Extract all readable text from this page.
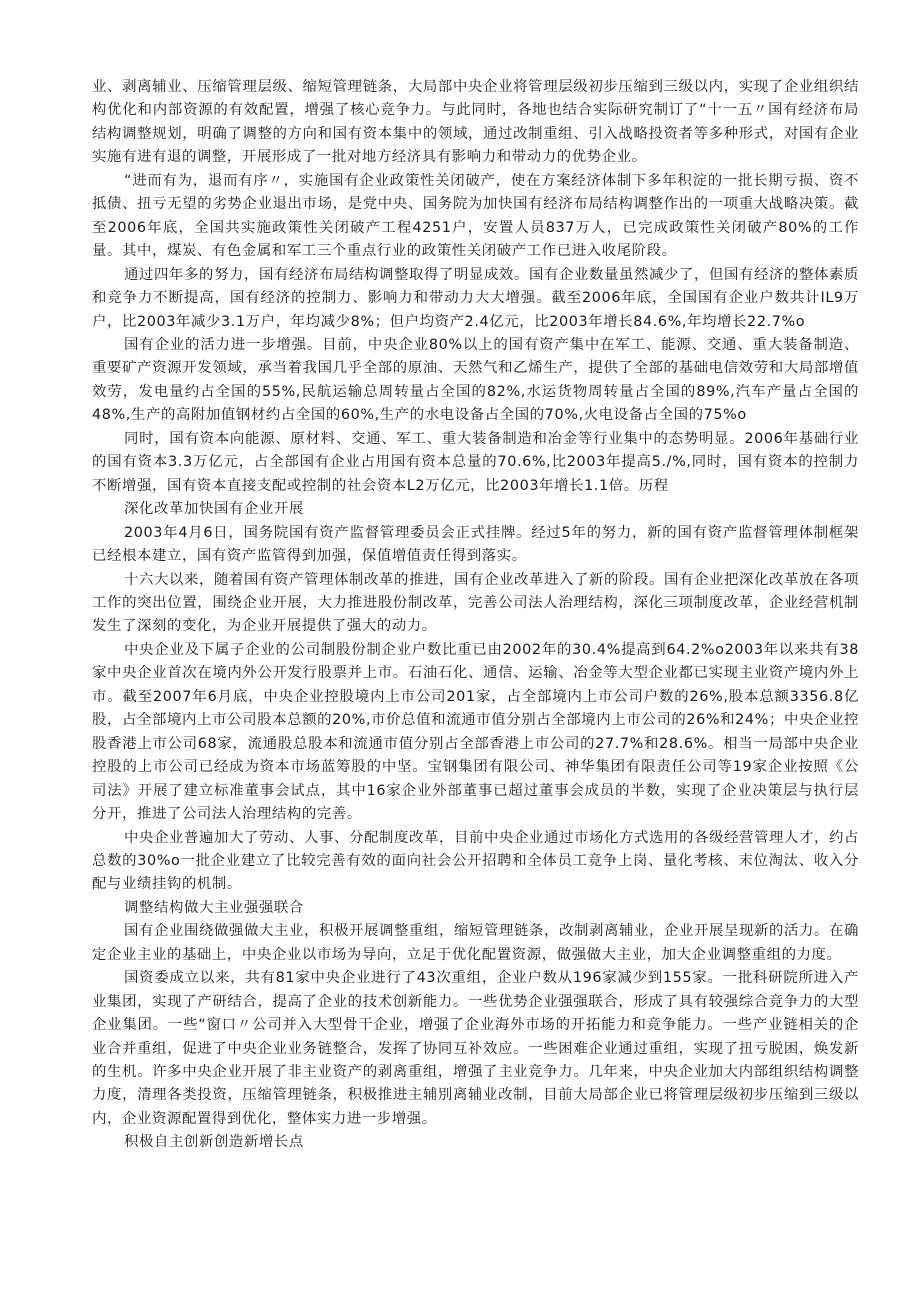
业、剥离辅业、压缩管理层级、缩短管理链条，大局部中央企业将管理层级初步压缩到三级以内，实现了企业组织结构优化和内部资源的有效配置，增强了核心竞争力。与此同时，各地也结合实际研究制订了“十一五〃国有经济布局结构调整规划，明确了调整的方向和国有资本集中的领域，通过改制重组、引入战略投资者等多种形式，对国有企业实施有进有退的调整，开展形成了一批对地方经济具有影响力和带动力的优势企业。

“进而有为，退而有序〃，实施国有企业政策性关闭破产，使在方案经济体制下多年积淀的一批长期亏损、资不抵债、扭亏无望的劣势企业退出市场，是党中央、国务院为加快国有经济布局结构调整作出的一项重大战略决策。截至2006年底，全国共实施政策性关闭破产工程4251户，安置人员837万人，已完成政策性关闭破产80%的工作量。其中，煤炭、有色金属和军工三个重点行业的政策性关闭破产工作已进入收尾阶段。

通过四年多的努力，国有经济布局结构调整取得了明显成效。国有企业数量虽然减少了，但国有经济的整体素质和竞争力不断提高，国有经济的控制力、影响力和带动力大大增强。截至2006年底，全国国有企业户数共计IL9万户，比2003年减少3.1万户，年均减少8%；但户均资产2.4亿元，比2003年增长84.6%,年均增长22.7%o

国有企业的活力进一步增强。目前，中央企业80%以上的国有资产集中在军工、能源、交通、重大装备制造、重要矿产资源开发领域，承当着我国几乎全部的原油、天然气和乙烯生产，提供了全部的基础电信效劳和大局部增值效劳，发电量约占全国的55%,民航运输总周转量占全国的82%,水运货物周转量占全国的89%,汽车产量占全国的48%,生产的高附加值钢材约占全国的60%,生产的水电设备占全国的70%,火电设备占全国的75%o

同时，国有资本向能源、原材料、交通、军工、重大装备制造和冶金等行业集中的态势明显。2006年基础行业的国有资本3.3万亿元，占全部国有企业占用国有资本总量的70.6%,比2003年提高5./%,同时，国有资本的控制力不断增强，国有资本直接支配或控制的社会资本L2万亿元，比2003年增长1.1倍。历程

深化改革加快国有企业开展

2003年4月6日，国务院国有资产监督管理委员会正式挂牌。经过5年的努力，新的国有资产监督管理体制框架已经根本建立，国有资产监管得到加强，保值增值责任得到落实。

十六大以来，随着国有资产管理体制改革的推进，国有企业改革进入了新的阶段。国有企业把深化改革放在各项工作的突出位置，围绕企业开展，大力推进股份制改革，完善公司法人治理结构，深化三项制度改革，企业经营机制发生了深刻的变化，为企业开展提供了强大的动力。

中央企业及下属子企业的公司制股份制企业户数比重已由2002年的30.4%提高到64.2%o2003年以来共有38家中央企业首次在境内外公开发行股票并上市。石油石化、通信、运输、冶金等大型企业都已实现主业资产境内外上市。截至2007年6月底，中央企业控股境内上市公司201家，占全部境内上市公司户数的26%,股本总额3356.8亿股，占全部境内上市公司股本总额的20%,市价总值和流通市值分别占全部境内上市公司的26%和24%；中央企业控股香港上市公司68家，流通股总股本和流通市值分别占全部香港上市公司的27.7%和28.6%。相当一局部中央企业控股的上市公司已经成为资本市场蓝筹股的中坚。宝钢集团有限公司、神华集团有限责任公司等19家企业按照《公司法》开展了建立标准董事会试点，其中16家企业外部董事已超过董事会成员的半数，实现了企业决策层与执行层分开，推进了公司法人治理结构的完善。

中央企业普遍加大了劳动、人事、分配制度改革，目前中央企业通过市场化方式选用的各级经营管理人才，约占总数的30%o一批企业建立了比较完善有效的面向社会公开招聘和全体员工竞争上岗、量化考核、末位淘汰、收入分配与业绩挂钩的机制。

调整结构做大主业强强联合

国有企业围绕做强做大主业，积极开展调整重组，缩短管理链条，改制剥离辅业，企业开展呈现新的活力。在确定企业主业的基础上，中央企业以市场为导向，立足于优化配置资源，做强做大主业，加大企业调整重组的力度。

国资委成立以来，共有81家中央企业进行了43次重组，企业户数从196家减少到155家。一批科研院所进入产业集团，实现了产研结合，提高了企业的技术创新能力。一些优势企业强强联合，形成了具有较强综合竞争力的大型企业集团。一些“窗口〃公司并入大型骨干企业，增强了企业海外市场的开拓能力和竞争能力。一些产业链相关的企业合并重组，促进了中央企业业务链整合，发挥了协同互补效应。一些困难企业通过重组，实现了扭亏脱困，焕发新的生机。许多中央企业开展了非主业资产的剥离重组，增强了主业竞争力。几年来，中央企业加大内部组织结构调整力度，清理各类投资，压缩管理链条，积极推进主辅別离辅业改制，目前大局部企业已将管理层级初步压缩到三级以内，企业资源配置得到优化，整体实力进一步增强。

积极自主创新创造新增长点
